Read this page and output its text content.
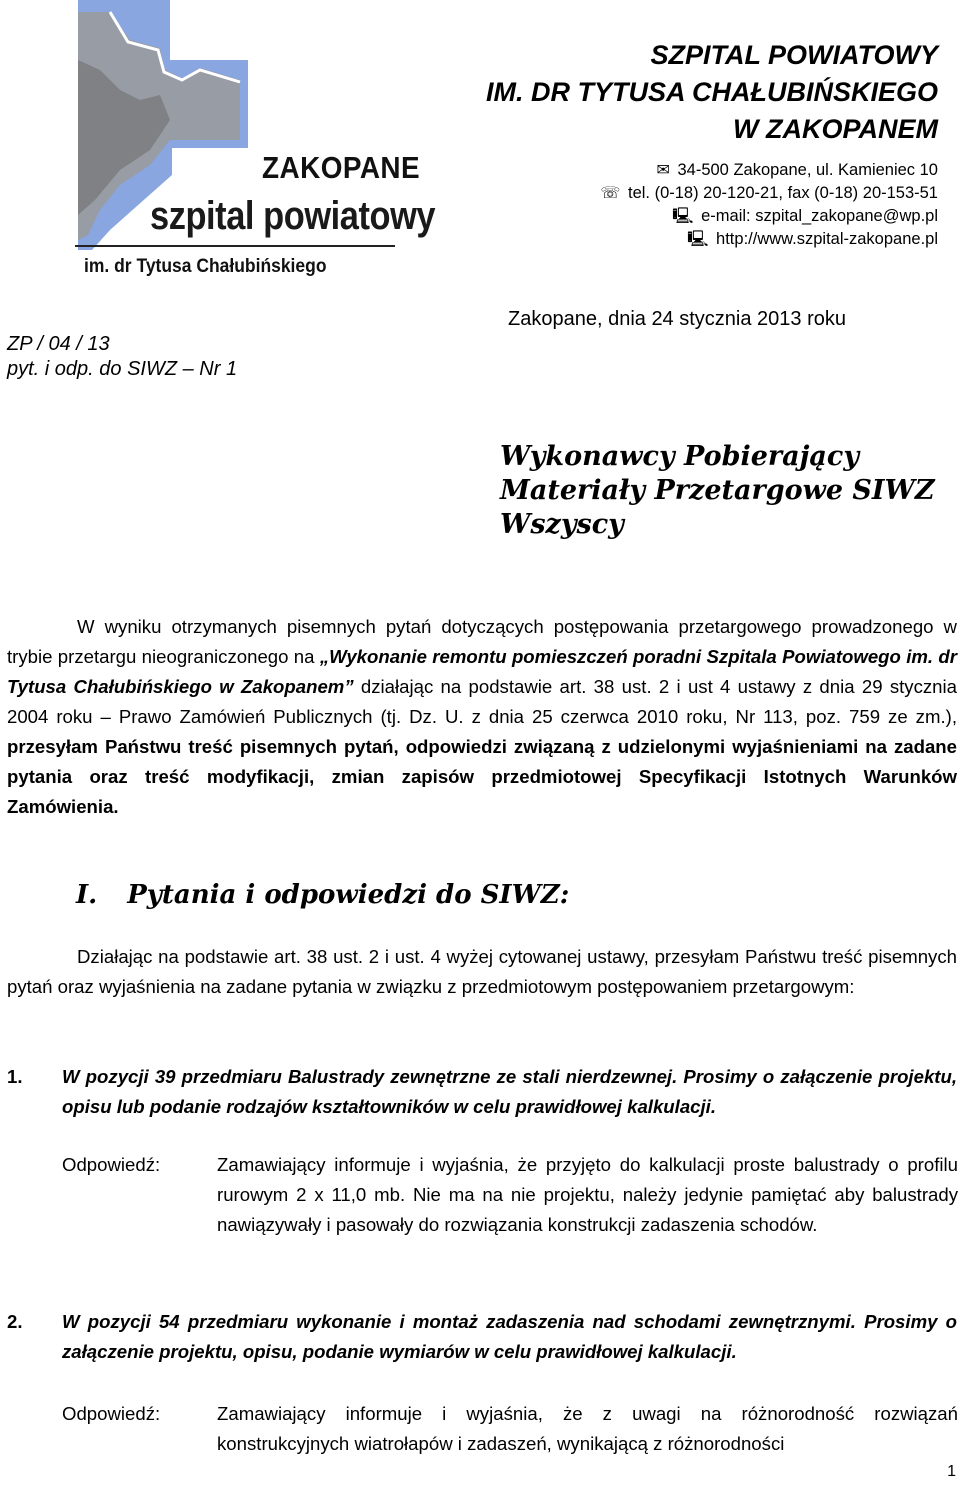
ZAKOPANE
szpital powiatowy
im. dr Tytusa Chałubińskiego
SZPITAL POWIATOWY
IM. DR TYTUSA CHAŁUBIŃSKIEGO
W ZAKOPANEM
✉ 34-500 Zakopane, ul. Kamieniec 10
☏ tel. (0-18) 20-120-21, fax (0-18) 20-153-51
🖳 e-mail: szpital_zakopane@wp.pl
🖳 http://www.szpital-zakopane.pl
ZP / 04 / 13
pyt. i odp. do SIWZ – Nr 1
Zakopane, dnia 24 stycznia 2013 roku
Wykonawcy Pobierający
Materiały Przetargowe SIWZ
Wszyscy

W wyniku otrzymanych pisemnych pytań dotyczących postępowania przetargowego prowadzonego w trybie przetargu nieograniczonego na „Wykonanie remontu pomieszczeń poradni Szpitala Powiatowego im. dr Tytusa Chałubińskiego w Zakopanem” działając na podstawie art. 38 ust. 2 i ust 4 ustawy z dnia 29 stycznia 2004 roku – Prawo Zamówień Publicznych (tj. Dz. U. z dnia 25 czerwca 2010 roku, Nr 113, poz. 759 ze zm.), przesyłam Państwu treść pisemnych pytań, odpowiedzi związaną z udzielonymi wyjaśnieniami na zadane pytania oraz treść modyfikacji, zmian zapisów przedmiotowej Specyfikacji Istotnych Warunków Zamówienia.

I. Pytania i odpowiedzi do SIWZ:

Działając na podstawie art. 38 ust. 2 i ust. 4 wyżej cytowanej ustawy, przesyłam Państwu treść pisemnych pytań oraz wyjaśnienia na zadane pytania w związku z przedmiotowym postępowaniem przetargowym:

1. W pozycji 39 przedmiaru Balustrady zewnętrzne ze stali nierdzewnej. Prosimy o załączenie projektu, opisu lub podanie rodzajów kształtowników w celu prawidłowej kalkulacji.
Odpowiedź:	Zamawiający informuje i wyjaśnia, że przyjęto do kalkulacji proste balustrady o profilu rurowym 2 x 11,0 mb. Nie ma na nie projektu, należy jedynie pamiętać aby balustrady nawiązywały i pasowały do rozwiązania konstrukcji zadaszenia schodów.
2. W pozycji 54 przedmiaru wykonanie i montaż zadaszenia nad schodami zewnętrznymi. Prosimy o załączenie projektu, opisu, podanie wymiarów w celu prawidłowej kalkulacji.
Odpowiedź:	Zamawiający informuje i wyjaśnia, że z uwagi na różnorodność rozwiązań konstrukcyjnych wiatrołapów i zadaszeń, wynikającą z różnorodności
1
